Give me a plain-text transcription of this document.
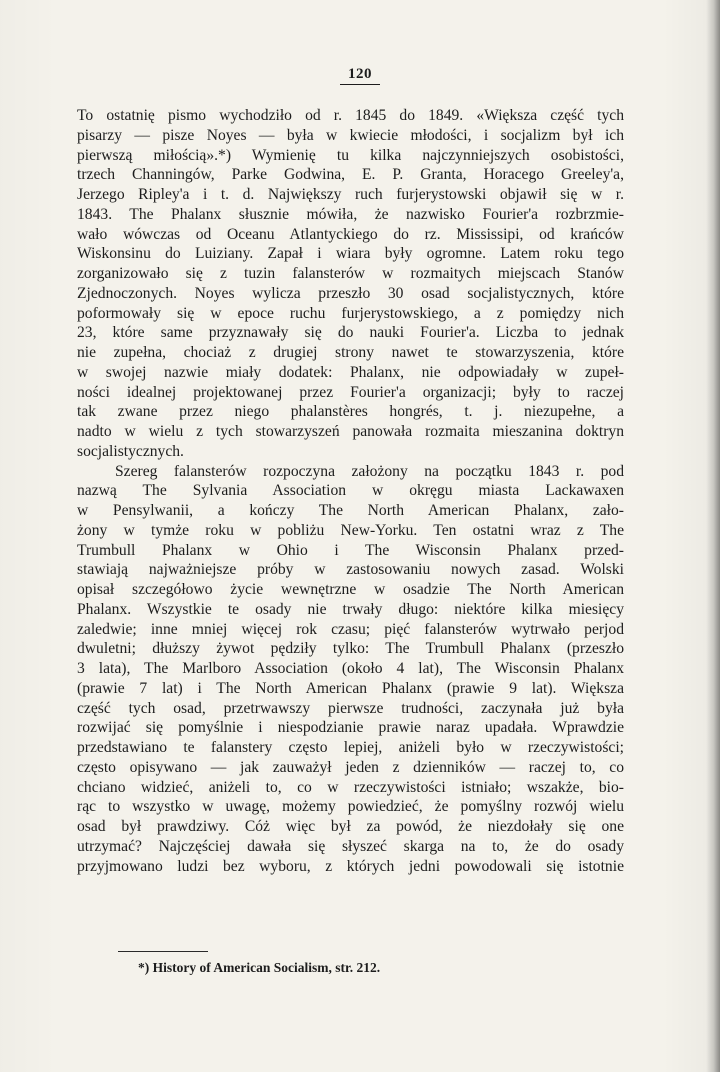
120
To ostatnię pismo wychodziło od r. 1845 do 1849. «Większa część tych
pisarzy — pisze Noyes — była w kwiecie młodości, i socjalizm był ich
pierwszą miłością».*) Wymienię tu kilka najczynniejszych osobistości,
trzech Channingów, Parke Godwina, E. P. Granta, Horacego Greeley'a,
Jerzego Ripley'a i t. d. Największy ruch furjerystowski objawił się w r.
1843. The Phalanx słusznie mówiła, że nazwisko Fourier'a rozbrzmie-
wało wówczas od Oceanu Atlantyckiego do rz. Mississipi, od krańców
Wiskonsinu do Luiziany. Zapał i wiara były ogromne. Latem roku tego
zorganizowało się z tuzin falansterów w rozmaitych miejscach Stanów
Zjednoczonych. Noyes wylicza przeszło 30 osad socjalistycznych, które
poformowały się w epoce ruchu furjerystowskiego, a z pomiędzy nich
23, które same przyznawały się do nauki Fourier'a. Liczba to jednak
nie zupełna, chociaż z drugiej strony nawet te stowarzyszenia, które
w swojej nazwie miały dodatek: Phalanx, nie odpowiadały w zupeł-
ności idealnej projektowanej przez Fourier'a organizacji; były to raczej
tak zwane przez niego phalanstères hongrés, t. j. niezupełne, a
nadto w wielu z tych stowarzyszeń panowała rozmaita mieszanina doktryn
socjalistycznych.
Szereg falansterów rozpoczyna założony na początku 1843 r. pod
nazwą The Sylvania Association w okręgu miasta Lackawaxen
w Pensylwanii, a kończy The North American Phalanx, zało-
żony w tymże roku w pobliżu New-Yorku. Ten ostatni wraz z The
Trumbull Phalanx w Ohio i The Wisconsin Phalanx przed-
stawiają najważniejsze próby w zastosowaniu nowych zasad. Wolski
opisał szczegółowo życie wewnętrzne w osadzie The North American
Phalanx. Wszystkie te osady nie trwały długo: niektóre kilka miesięcy
zaledwie; inne mniej więcej rok czasu; pięć falansterów wytrwało perjod
dwuletni; dłuższy żywot pędziły tylko: The Trumbull Phalanx (przeszło
3 lata), The Marlboro Association (około 4 lat), The Wisconsin Phalanx
(prawie 7 lat) i The North American Phalanx (prawie 9 lat). Większa
część tych osad, przetrwawszy pierwsze trudności, zaczynała już była
rozwijać się pomyślnie i niespodzianie prawie naraz upadała. Wprawdzie
przedstawiano te falanstery często lepiej, aniżeli było w rzeczywistości;
często opisywano — jak zauważył jeden z dzienników — raczej to, co
chciano widzieć, aniżeli to, co w rzeczywistości istniało; wszakże, bio-
rąc to wszystko w uwagę, możemy powiedzieć, że pomyślny rozwój wielu
osad był prawdziwy. Cóż więc był za powód, że niezdołały się one
utrzymać? Najczęściej dawała się słyszeć skarga na to, że do osady
przyjmowano ludzi bez wyboru, z których jedni powodowali się istotnie
*) History of American Socialism, str. 212.
